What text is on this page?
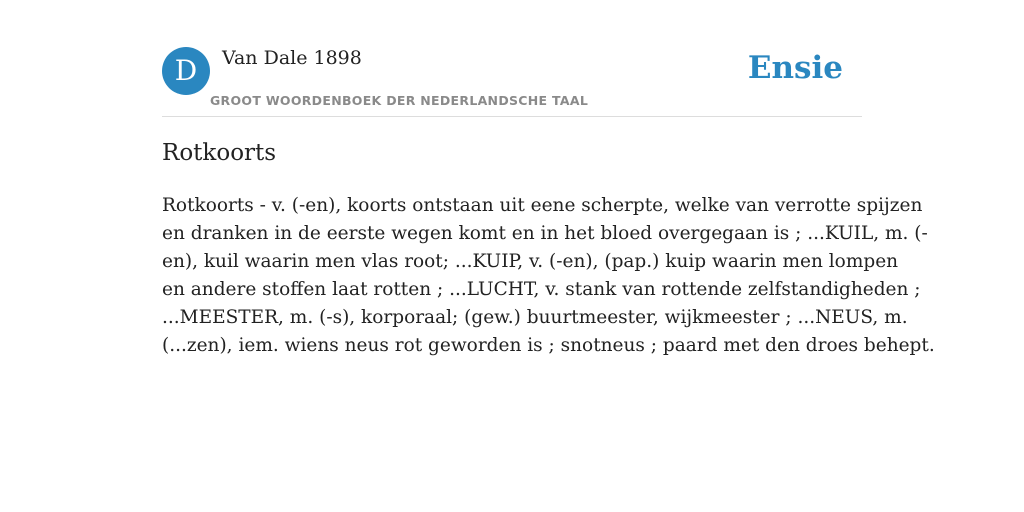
D	Van Dale 1898
GROOT WOORDENBOEK DER NEDERLANDSCHE TAAL
Ensie
Rotkoorts

Rotkoorts - v. (-en), koorts ontstaan uit eene scherpte, welke van verrotte spijzen
en dranken in de eerste wegen komt en in het bloed overgegaan is ; ...KUIL, m. (-
en), kuil waarin men vlas root; ...KUIP, v. (-en), (pap.) kuip waarin men lompen
en andere stoffen laat rotten ; ...LUCHT, v. stank van rottende zelfstandigheden ;
...MEESTER, m. (-s), korporaal; (gew.) buurtmeester, wijkmeester ; ...NEUS, m.
(...zen), iem. wiens neus rot geworden is ; snotneus ; paard met den droes behept.
